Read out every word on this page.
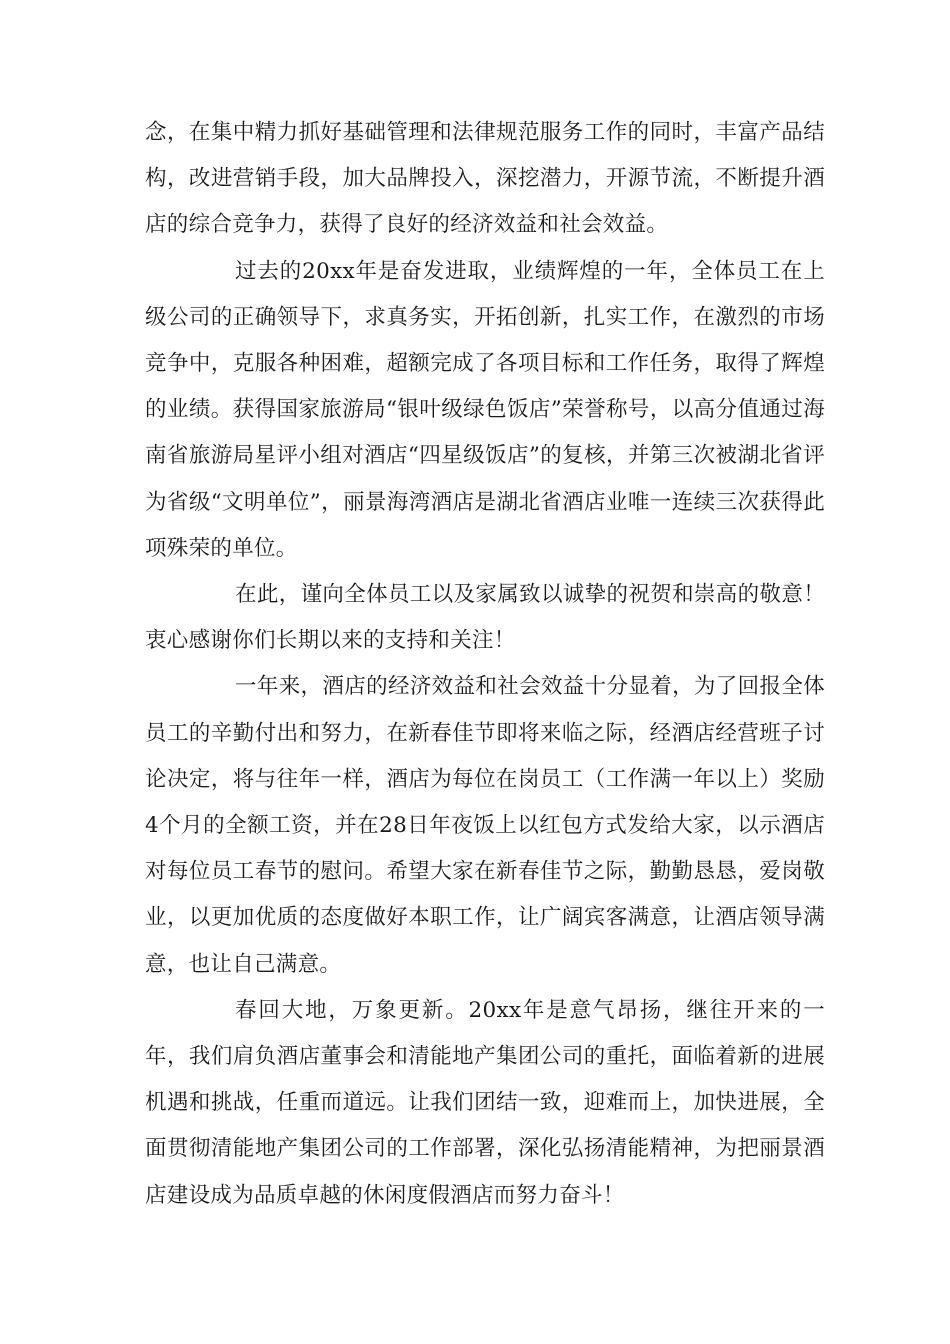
念，在集中精力抓好基础管理和法律规范服务工作的同时，丰富产品结构，改进营销手段，加大品牌投入，深挖潜力，开源节流，不断提升酒店的综合竞争力，获得了良好的经济效益和社会效益。

过去的20xx年是奋发进取，业绩辉煌的一年，全体员工在上级公司的正确领导下，求真务实，开拓创新，扎实工作，在激烈的市场竞争中，克服各种困难，超额完成了各项目标和工作任务，取得了辉煌的业绩。获得国家旅游局“银叶级绿色饭店”荣誉称号，以高分值通过海南省旅游局星评小组对酒店“四星级饭店”的复核，并第三次被湖北省评为省级“文明单位”，丽景海湾酒店是湖北省酒店业唯一连续三次获得此项殊荣的单位。

在此，谨向全体员工以及家属致以诚挚的祝贺和崇高的敬意！衷心感谢你们长期以来的支持和关注！

一年来，酒店的经济效益和社会效益十分显着，为了回报全体员工的辛勤付出和努力，在新春佳节即将来临之际，经酒店经营班子讨论决定，将与往年一样，酒店为每位在岗员工（工作满一年以上）奖励4个月的全额工资，并在28日年夜饭上以红包方式发给大家，以示酒店对每位员工春节的慰问。希望大家在新春佳节之际，勤勤恳恳，爱岗敬业，以更加优质的态度做好本职工作，让广阔宾客满意，让酒店领导满意，也让自己满意。

春回大地，万象更新。20xx年是意气昂扬，继往开来的一年，我们肩负酒店董事会和清能地产集团公司的重托，面临着新的进展机遇和挑战，任重而道远。让我们团结一致，迎难而上，加快进展，全面贯彻清能地产集团公司的工作部署，深化弘扬清能精神，为把丽景酒店建设成为品质卓越的休闲度假酒店而努力奋斗！
